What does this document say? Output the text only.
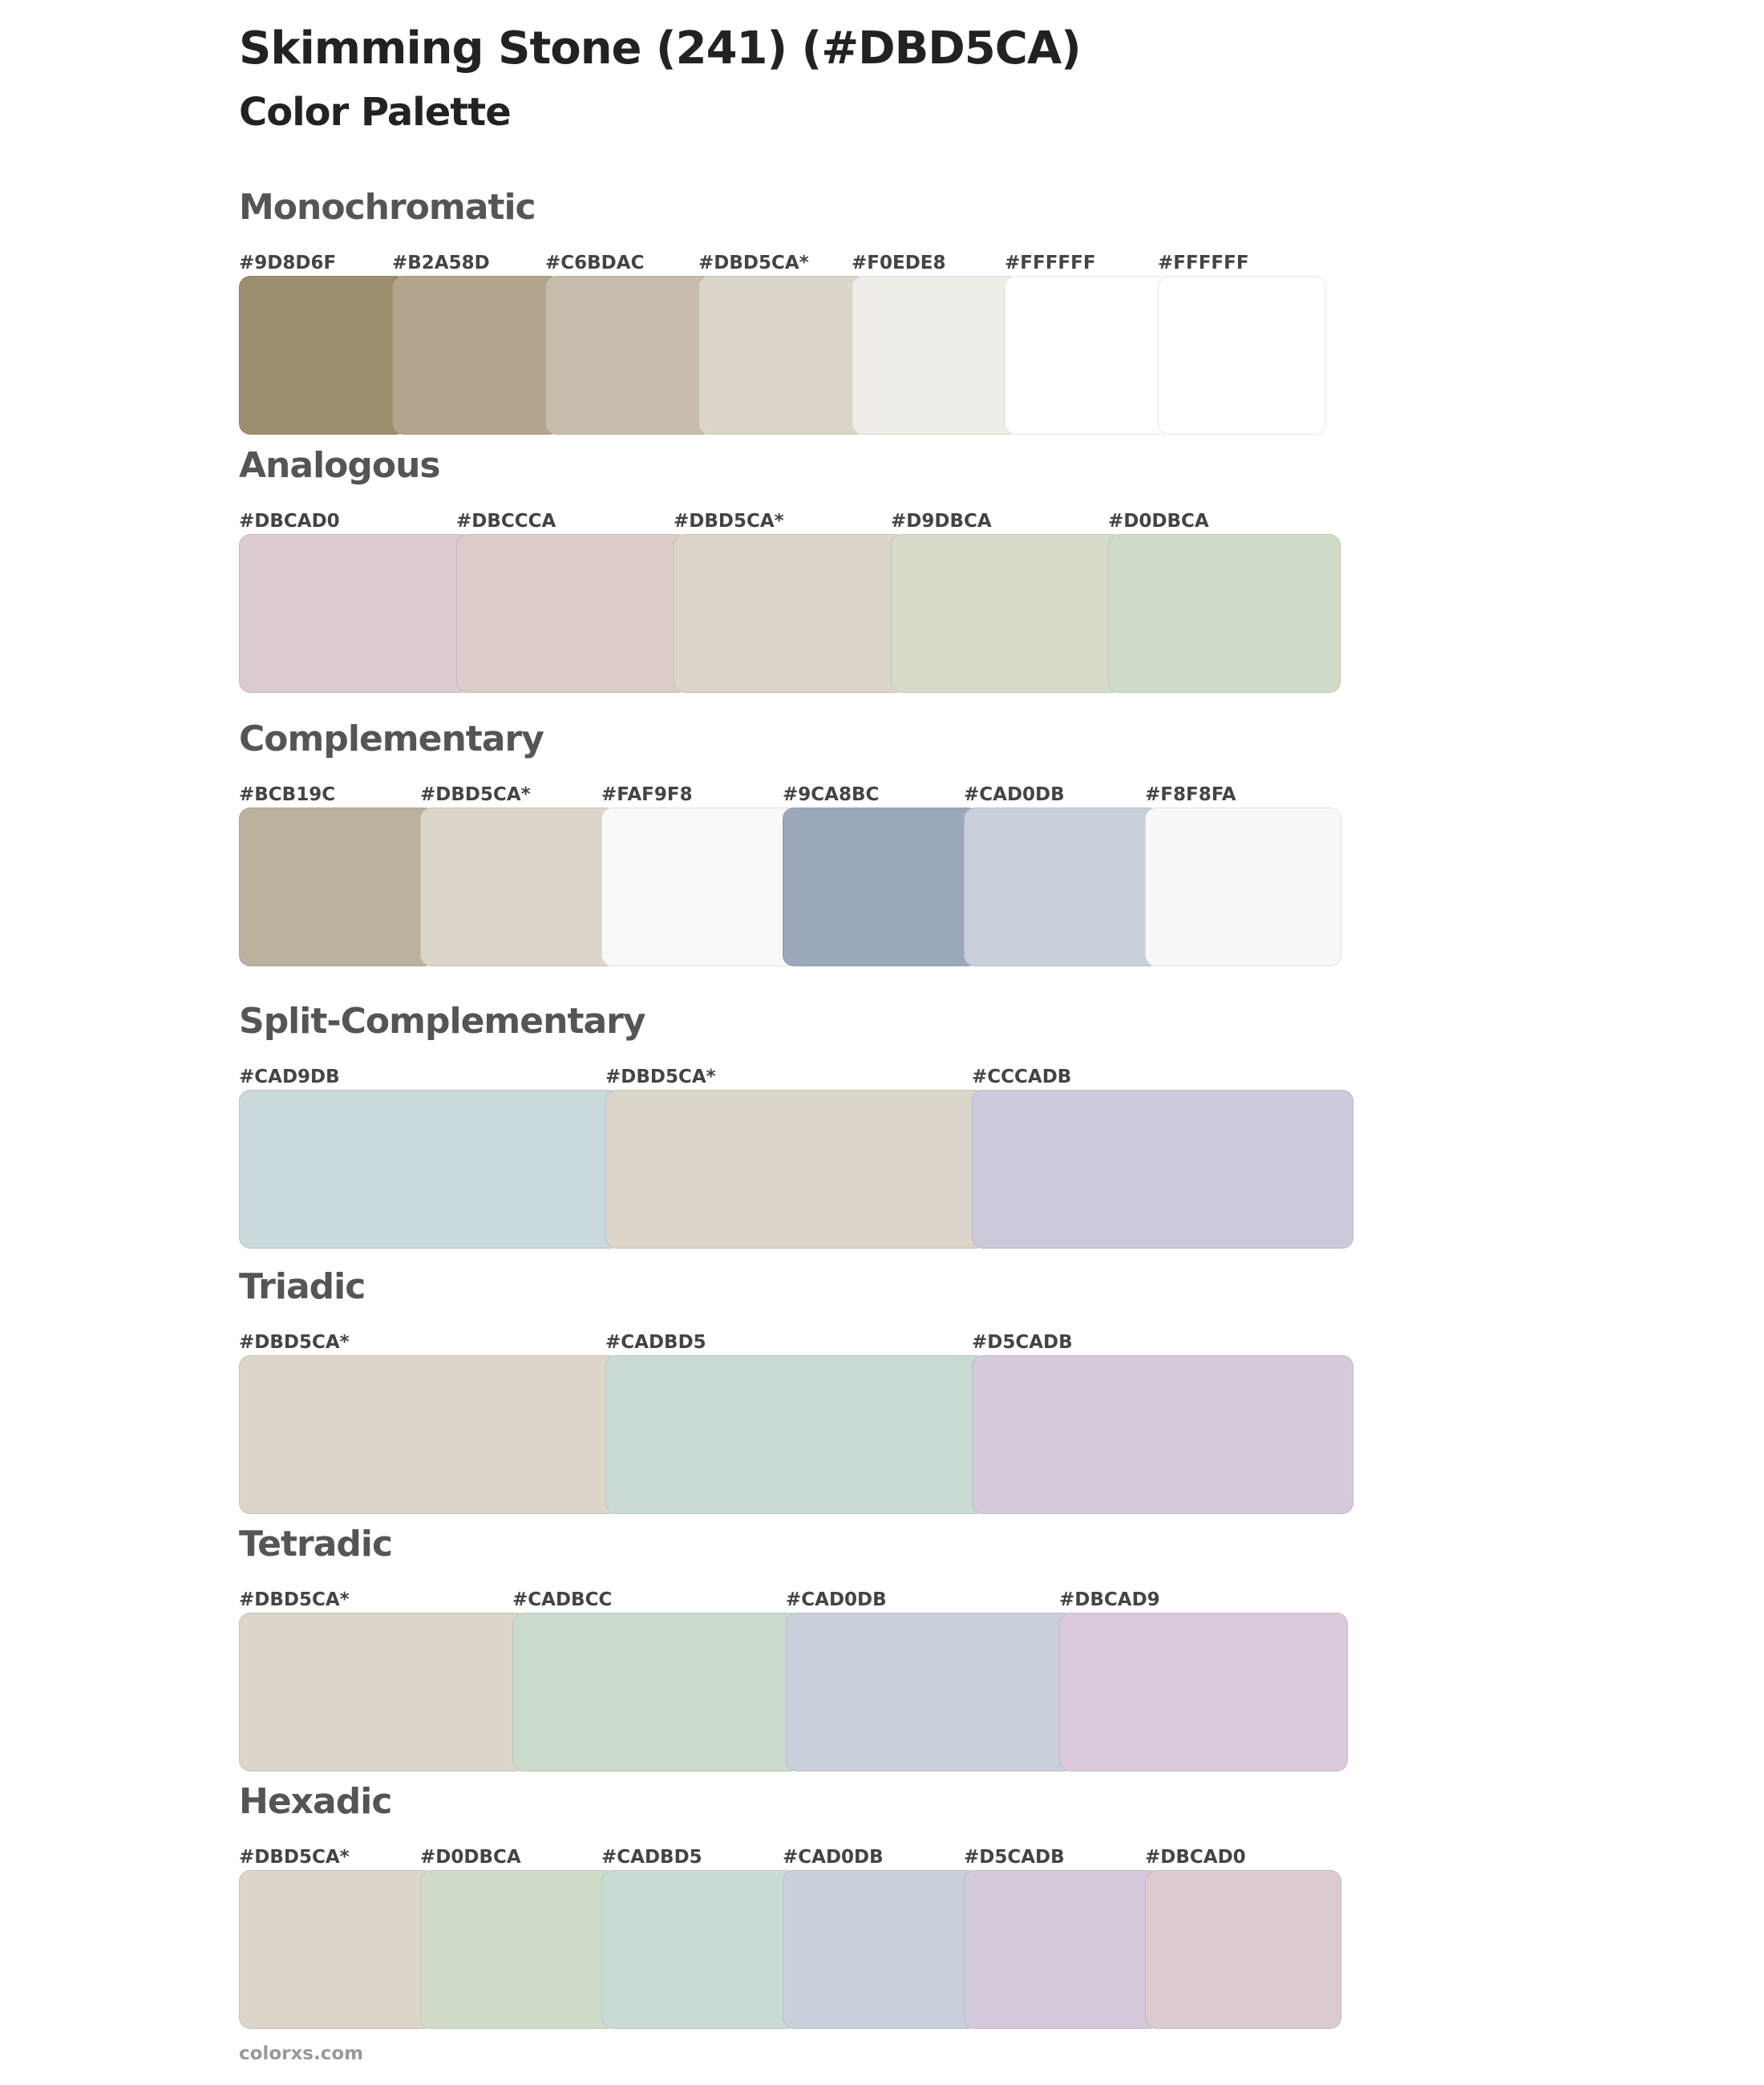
Skimming Stone (241) (#DBD5CA)
Color Palette
Monochromatic
#9D8D6F	#B2A58D	#C6BDAC	#DBD5CA* #F0EDE8	#FFFFFF	#FFFFFF
Analogous
#DBCAD0	#DBCCCA	#DBD5CA*	#D9DBCA	#D0DBCA
Complementary
#BCB19C	#DBD5CA*	#FAF9F8	#9CA8BC	#CAD0DB	#F8F8FA
Split-Complementary
#CAD9DB	#DBD5CA*	#CCCADB
Triadic
#DBD5CA*	#CADBD5	#D5CADB
Tetradic
#DBD5CA*	#CADBCC	#CAD0DB	#DBCAD9
Hexadic
#DBD5CA*	#D0DBCA	#CADBD5	#CAD0DB	#D5CADB	#DBCAD0
colorxs.com
